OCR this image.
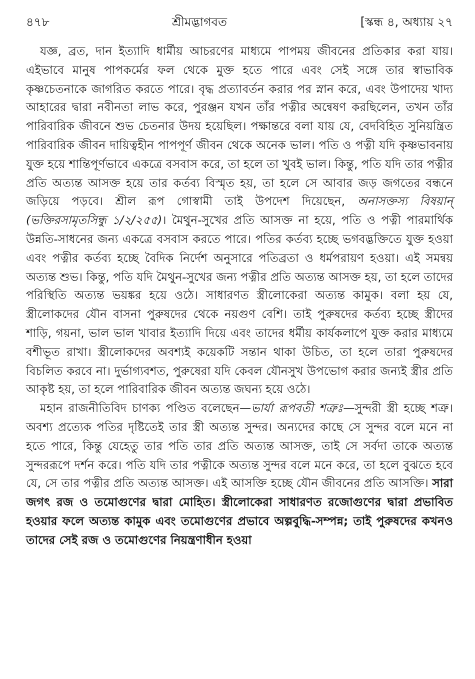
৪৭৮	শ্রীমদ্ভাগবত	[স্কন্ধ ৪, অধ্যায় ২৭

যজ্ঞ, ব্রত, দান ইত্যাদি ধার্মীয় আচরণের মাধ্যমে পাপময় জীবনের প্রতিকার করা যায়। এইভাবে মানুষ পাপকর্মের ফল থেকে মুক্ত হতে পারে এবং সেই সঙ্গে তার স্বাভাবিক কৃষ্ণচেতনাকে জাগরিত করতে পারে। বৃদ্ধ প্রত্যাবর্তন করার পর স্নান করে, এবং উপাদেয় খাদ্য আহারের দ্বারা নবীনতা লাভ করে, পুরঞ্জন যখন তাঁর পত্নীর অন্বেষণ করছিলেন, তখন তাঁর পারিবারিক জীবনে শুভ চেতনার উদয় হয়েছিল। পক্ষান্তরে বলা যায় যে, বেদবিহিত সুনিয়ন্ত্রিত পারিবারিক জীবন দায়িত্বহীন পাপপূর্ণ জীবন থেকে অনেক ভাল। পতি ও পত্নী যদি কৃষ্ণভাবনায় যুক্ত হয়ে শান্তিপূর্ণভাবে একত্রে বসবাস করে, তা হলে তা খুবই ভাল। কিন্তু, পতি যদি তার পত্নীর প্রতি অত্যন্ত আসক্ত হয়ে তার কর্তব্য বিস্মৃত হয়, তা হলে সে আবার জড় জগতের বন্ধনে জড়িয়ে পড়বে। শ্রীল রূপ গোস্বামী তাই উপদেশ দিয়েছেন, অনাসক্তস্য বিষয়ান্ (ভক্তিরসামৃতসিন্ধু ১/২/২৫৫)। মৈথুন-সুখের প্রতি আসক্ত না হয়ে, পতি ও পত্নী পারমার্থিক উন্নতি-সাধনের জন্য একত্রে বসবাস করতে পারে। পতির কর্তব্য হচ্ছে ভগবদ্ভক্তিতে যুক্ত হওয়া এবং পত্নীর কর্তব্য হচ্ছে বৈদিক নির্দেশ অনুসারে পতিব্রতা ও ধর্মপরায়ণ হওয়া। এই সমন্বয় অত্যন্ত শুভ। কিন্তু, পতি যদি মৈথুন-সুখের জন্য পত্নীর প্রতি অত্যন্ত আসক্ত হয়, তা হলে তাদের পরিস্থিতি অত্যন্ত ভয়ঙ্কর হয়ে ওঠে। সাধারণত স্ত্রীলোকেরা অত্যন্ত কামুক। বলা হয় যে, স্ত্রীলোকদের যৌন বাসনা পুরুষদের থেকে নয়গুণ বেশি। তাই পুরুষদের কর্তব্য হচ্ছে স্ত্রীদের শাড়ি, গয়না, ভাল ভাল খাবার ইত্যাদি দিয়ে এবং তাদের ধর্মীয় কার্যকলাপে যুক্ত করার মাধ্যমে বশীভূত রাখা। স্ত্রীলোকদের অবশ্যই কয়েকটি সন্তান থাকা উচিত, তা হলে তারা পুরুষদের বিচলিত করবে না। দুর্ভাগ্যবশত, পুরুষেরা যদি কেবল যৌনসুখ উপভোগ করার জন্যই স্ত্রীর প্রতি আকৃষ্ট হয়, তা হলে পারিবারিক জীবন অত্যন্ত জঘন্য হয়ে ওঠে।

মহান রাজনীতিবিদ চাণক্য পণ্ডিত বলেছেন—ভার্যা রূপবতী শত্রুঃ—সুন্দরী স্ত্রী হচ্ছে শত্রু। অবশ্য প্রত্যেক পতির দৃষ্টিতেই তার স্ত্রী অত্যন্ত সুন্দর। অন্যদের কাছে সে সুন্দর বলে মনে না হতে পারে, কিন্তু যেহেতু তার পতি তার প্রতি অত্যন্ত আসক্ত, তাই সে সর্বদা তাকে অত্যন্ত সুন্দররূপে দর্শন করে। পতি যদি তার পত্নীকে অত্যন্ত সুন্দর বলে মনে করে, তা হলে বুঝতে হবে যে, সে তার পত্নীর প্রতি অত্যন্ত আসক্ত। এই আসক্তি হচ্ছে যৌন জীবনের প্রতি আসক্তি। সারা জগৎ রজ ও তমোগুণের দ্বারা মোহিত। স্ত্রীলোকেরা সাধারণত রজোগুণের দ্বারা প্রভাবিত হওয়ার ফলে অত্যন্ত কামুক এবং তমোগুণের প্রভাবে অল্পবুদ্ধি-সম্পন্ন; তাই পুরুষদের কখনও তাদের সেই রজ ও তমোগুণের নিয়ন্ত্রণাধীন হওয়া
